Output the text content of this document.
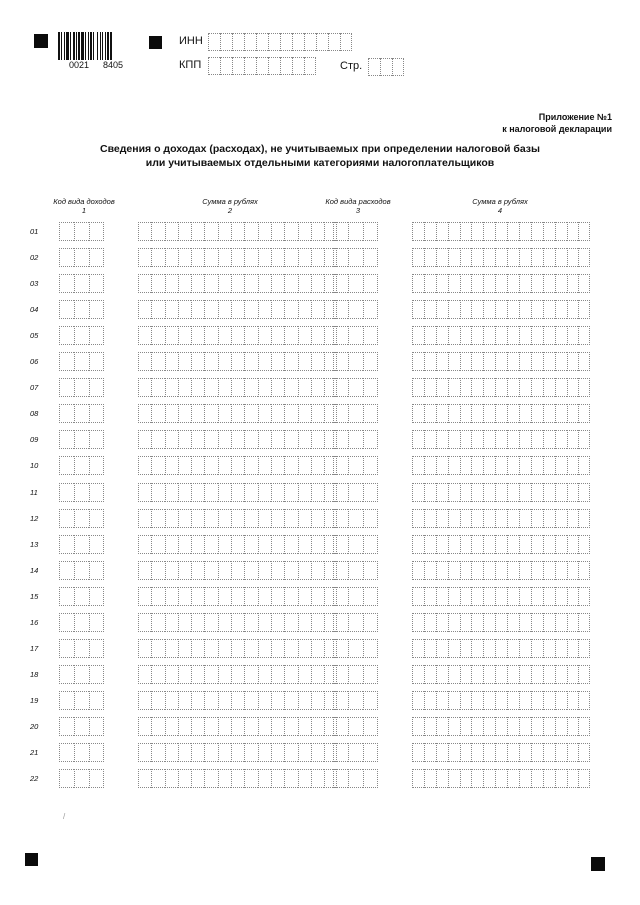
0021 8405
ИНН
КПП	Стр.
Приложение №1
к налоговой декларации
Сведения о доходах (расходах), не учитываемых при определении налоговой базы
или учитываемых отдельными категориями налогоплательщиков
Код вида доходов
1
Сумма в рублях
2
Код вида расходов
3
Сумма в рублях
4
01
02
03
04
05
06
07
08
09
10
11
12
13
14
15
16
17
18
19
20
21
22
/
